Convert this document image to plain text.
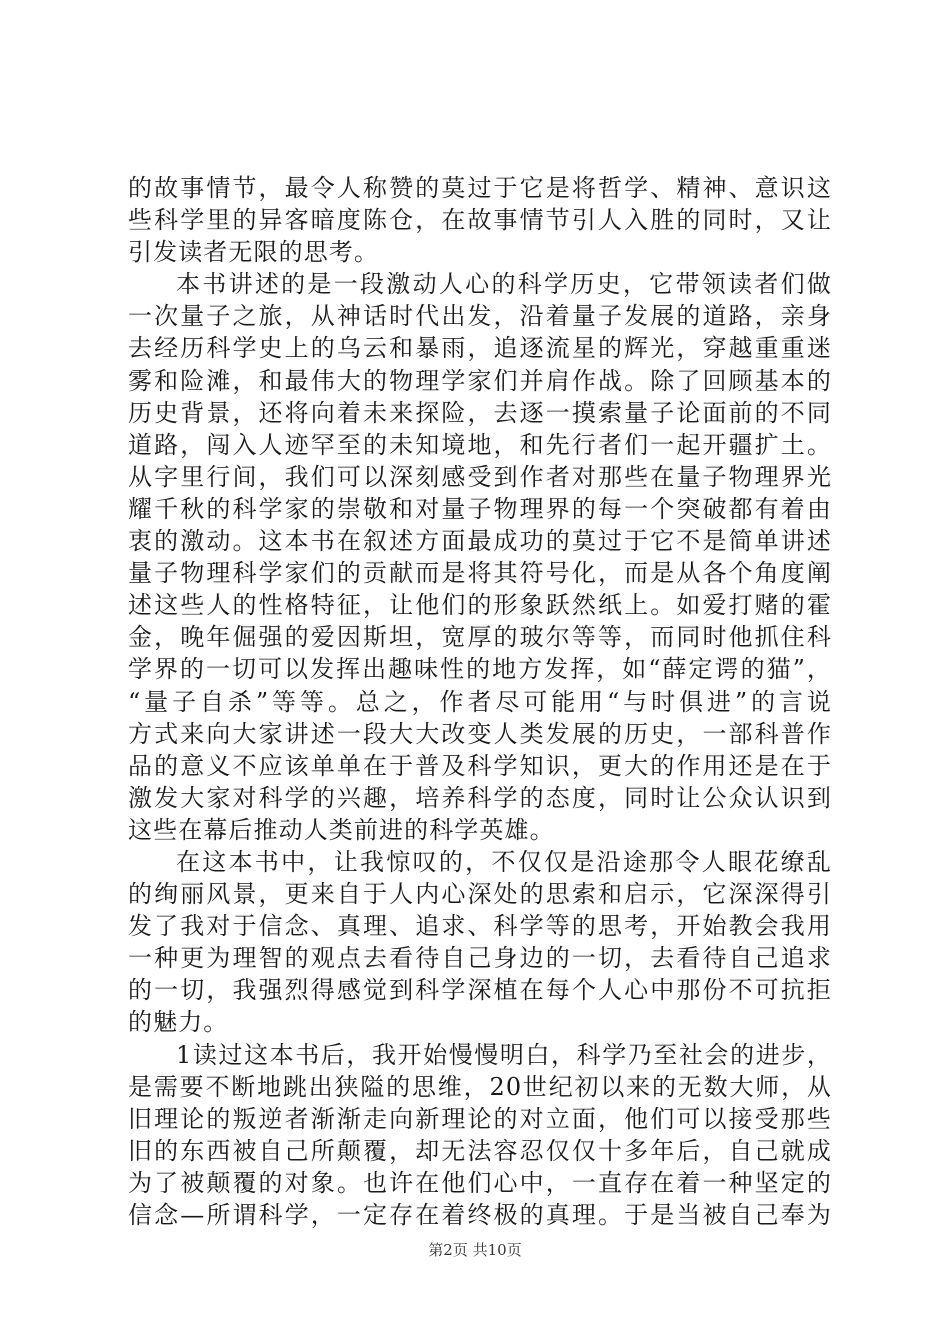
的故事情节，最令人称赞的莫过于它是将哲学、精神、意识这
些科学里的异客暗度陈仓，在故事情节引人入胜的同时，又让
引发读者无限的思考。
本书讲述的是一段激动人心的科学历史，它带领读者们做
一次量子之旅，从神话时代出发，沿着量子发展的道路，亲身
去经历科学史上的乌云和暴雨，追逐流星的辉光，穿越重重迷
雾和险滩，和最伟大的物理学家们并肩作战。除了回顾基本的
历史背景，还将向着未来探险，去逐一摸索量子论面前的不同
道路，闯入人迹罕至的未知境地，和先行者们一起开疆扩土。
从字里行间，我们可以深刻感受到作者对那些在量子物理界光
耀千秋的科学家的崇敬和对量子物理界的每一个突破都有着由
衷的激动。这本书在叙述方面最成功的莫过于它不是简单讲述
量子物理科学家们的贡献而是将其符号化，而是从各个角度阐
述这些人的性格特征，让他们的形象跃然纸上。如爱打赌的霍
金，晚年倔强的爱因斯坦，宽厚的玻尔等等，而同时他抓住科
学界的一切可以发挥出趣味性的地方发挥，如“薛定谔的猫”，
“量子自杀”等等。总之，作者尽可能用“与时俱进”的言说
方式来向大家讲述一段大大改变人类发展的历史，一部科普作
品的意义不应该单单在于普及科学知识，更大的作用还是在于
激发大家对科学的兴趣，培养科学的态度，同时让公众认识到
这些在幕后推动人类前进的科学英雄。
在这本书中，让我惊叹的，不仅仅是沿途那令人眼花缭乱
的绚丽风景，更来自于人内心深处的思索和启示，它深深得引
发了我对于信念、真理、追求、科学等的思考，开始教会我用
一种更为理智的观点去看待自己身边的一切，去看待自己追求
的一切，我强烈得感觉到科学深植在每个人心中那份不可抗拒
的魅力。
1读过这本书后，我开始慢慢明白，科学乃至社会的进步，
是需要不断地跳出狭隘的思维，20世纪初以来的无数大师，从
旧理论的叛逆者渐渐走向新理论的对立面，他们可以接受那些
旧的东西被自己所颠覆，却无法容忍仅仅十多年后，自己就成
为了被颠覆的对象。也许在他们心中，一直存在着一种坚定的
信念—所谓科学，一定存在着终极的真理。于是当被自己奉为
第2页 共10页
